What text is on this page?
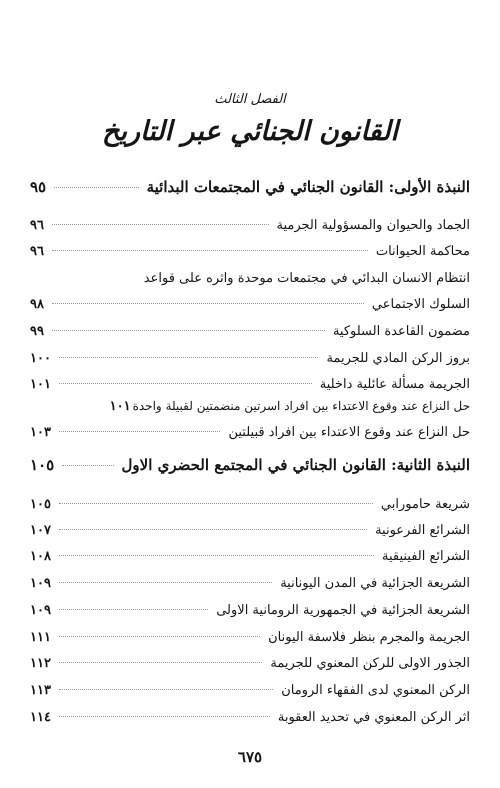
الفصل الثالث
القانون الجنائي عبر التاريخ
النبذة الأولى: القانون الجنائي في المجتمعات البدائية
٩٥
الجماد والحيوان والمسؤولية الجرمية
٩٦
محاكمة الحيوانات
٩٦
انتظام الانسان البدائي في مجتمعات موحدة واثره على قواعد
السلوك الاجتماعي
٩٨
مضمون القاعدة السلوكية
٩٩
بروز الركن المادي للجريمة
١٠٠
الجريمة مسألة عائلية داخلية
١٠١
حل النزاع عند وقوع الاعتداء بين افراد اسرتين منضمتين لقبيلة واحدة
١٠١
حل النزاع عند وقوع الاعتداء بين افراد قبيلتين
١٠٣
النبذة الثانية: القانون الجنائي في المجتمع الحضري الاول
١٠٥
شريعة حامورابي
١٠٥
الشرائع الفرعونية
١٠٧
الشرائع الفينيقية
١٠٨
الشريعة الجزائية في المدن اليونانية
١٠٩
الشريعة الجزائية في الجمهورية الرومانية الاولى
١٠٩
الجريمة والمجرم بنظر فلاسفة اليونان
١١١
الجذور الاولى للركن المعنوي للجريمة
١١٢
الركن المعنوي لدى الفقهاء الرومان
١١٣
اثر الركن المعنوي في تحديد العقوبة
١١٤
٦٧٥
